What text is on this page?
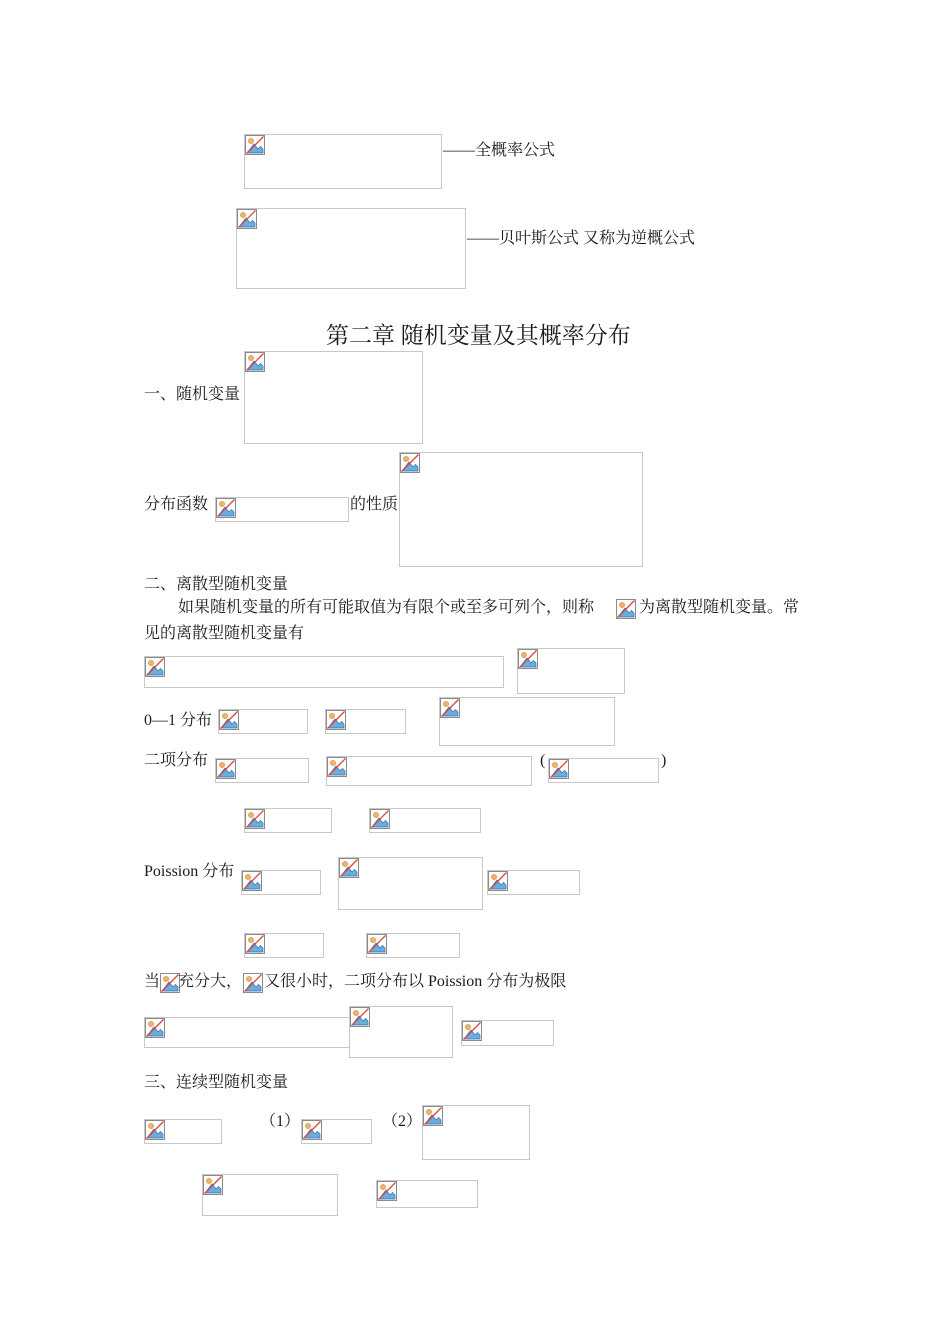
——全概率公式
——贝叶斯公式 又称为逆概公式
第二章 随机变量及其概率分布
一、随机变量
分布函数	的性质
二、离散型随机变量
如果随机变量的所有可能取值为有限个或至多可列个，则称	为离散型随机变量。常
见的离散型随机变量有
0—1 分布
二项分布	(	)
Poission 分布
当 充分大， 又很小时，二项分布以 Poission 分布为极限
三、连续型随机变量
（1）	（2）
